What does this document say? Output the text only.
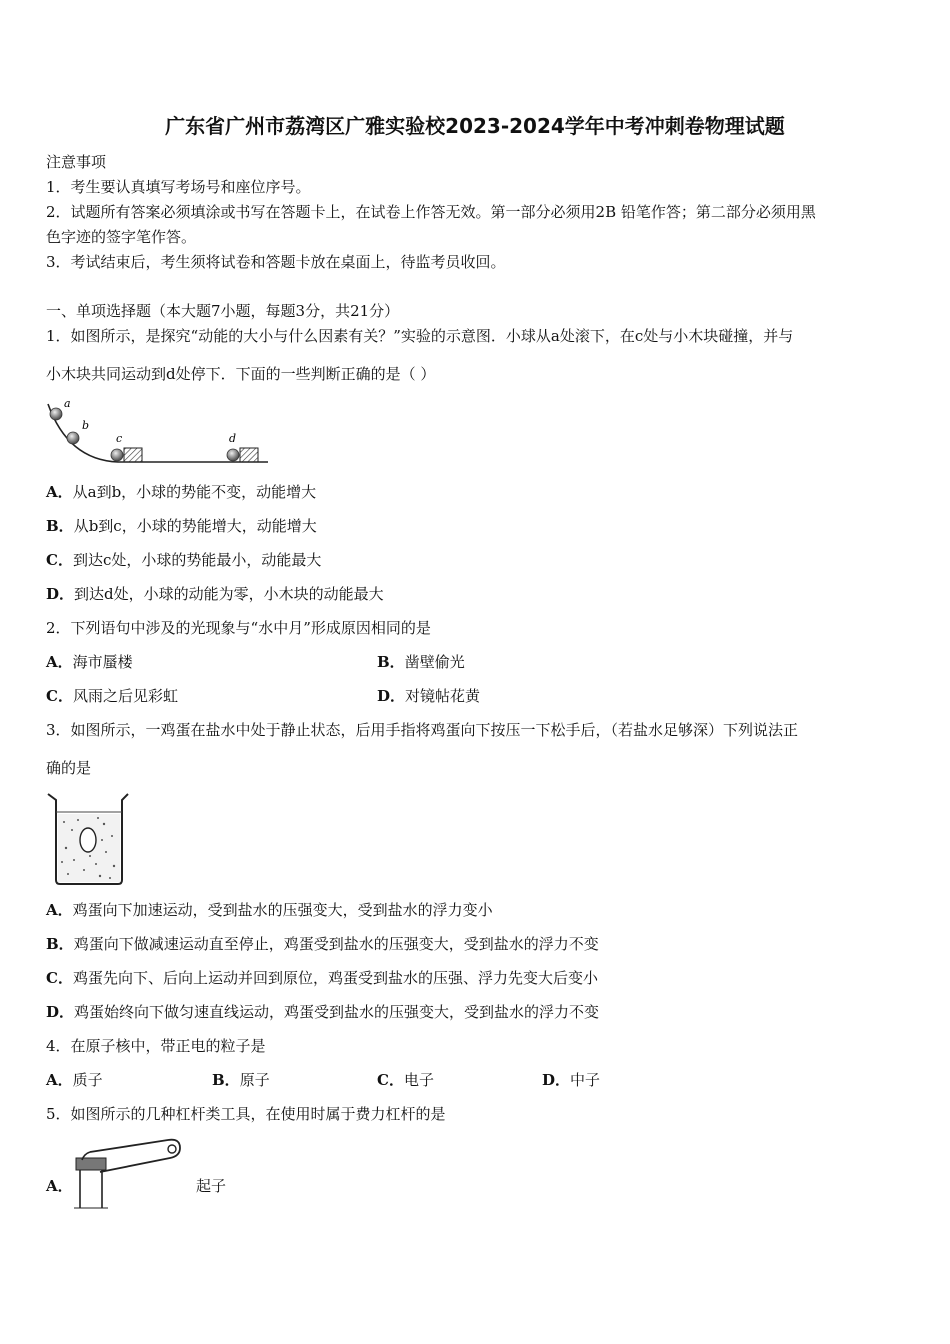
广东省广州市荔湾区广雅实验校2023-2024学年中考冲刺卷物理试题
注意事项
1．考生要认真填写考场号和座位序号。
2．试题所有答案必须填涂或书写在答题卡上，在试卷上作答无效。第一部分必须用2B 铅笔作答；第二部分必须用黑
色字迹的签字笔作答。
3．考试结束后，考生须将试卷和答题卡放在桌面上，待监考员收回。
一、单项选择题（本大题7小题，每题3分，共21分）
1．如图所示，是探究“动能的大小与什么因素有关？”实验的示意图．小球从a处滚下，在c处与小木块碰撞，并与
小木块共同运动到d处停下．下面的一些判断正确的是（ ）
a
b
c	d
A．从a到b，小球的势能不变，动能增大
B．从b到c，小球的势能增大，动能增大
C．到达c处，小球的势能最小，动能最大
D．到达d处，小球的动能为零，小木块的动能最大
2．下列语句中涉及的光现象与“水中月”形成原因相同的是
A．海市蜃楼	B．凿壁偷光
C．风雨之后见彩虹	D．对镜帖花黄
3．如图所示，一鸡蛋在盐水中处于静止状态，后用手指将鸡蛋向下按压一下松手后，（若盐水足够深）下列说法正
确的是
A．鸡蛋向下加速运动，受到盐水的压强变大，受到盐水的浮力变小
B．鸡蛋向下做减速运动直至停止，鸡蛋受到盐水的压强变大，受到盐水的浮力不变
C．鸡蛋先向下、后向上运动并回到原位，鸡蛋受到盐水的压强、浮力先变大后变小
D．鸡蛋始终向下做匀速直线运动，鸡蛋受到盐水的压强变大，受到盐水的浮力不变
4．在原子核中，带正电的粒子是
A．质子	B．原子	C．电子	D．中子
5．如图所示的几种杠杆类工具，在使用时属于费力杠杆的是
A．	起子
